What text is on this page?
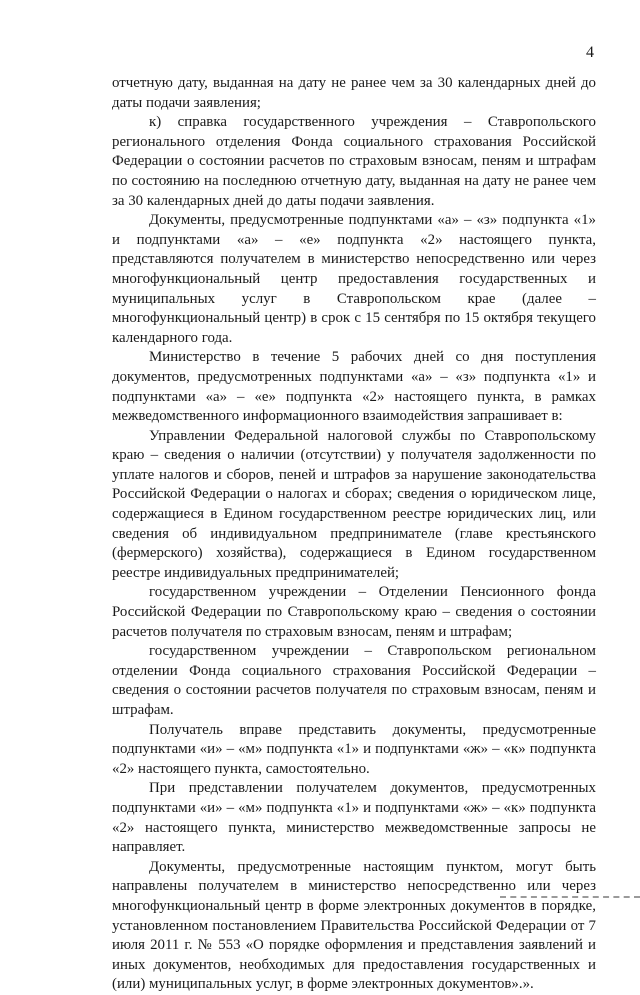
4

отчетную дату, выданная на дату не ранее чем за 30 календарных дней до даты подачи заявления;

к) справка государственного учреждения – Ставропольского регионального отделения Фонда социального страхования Российской Федерации о состоянии расчетов по страховым взносам, пеням и штрафам по состоянию на последнюю отчетную дату, выданная на дату не ранее чем за 30 календарных дней до даты подачи заявления.

Документы, предусмотренные подпунктами «а» – «з» подпункта «1» и подпунктами «а» – «е» подпункта «2» настоящего пункта, представляются получателем в министерство непосредственно или через многофункциональный центр предоставления государственных и муниципальных услуг в Ставропольском крае (далее – многофункциональный центр) в срок с 15 сентября по 15 октября текущего календарного года.

Министерство в течение 5 рабочих дней со дня поступления документов, предусмотренных подпунктами «а» – «з» подпункта «1» и подпунктами «а» – «е» подпункта «2» настоящего пункта, в рамках межведомственного информационного взаимодействия запрашивает в:

Управлении Федеральной налоговой службы по Ставропольскому краю – сведения о наличии (отсутствии) у получателя задолженности по уплате налогов и сборов, пеней и штрафов за нарушение законодательства Российской Федерации о налогах и сборах; сведения о юридическом лице, содержащиеся в Едином государственном реестре юридических лиц, или сведения об индивидуальном предпринимателе (главе крестьянского (фермерского) хозяйства), содержащиеся в Едином государственном реестре индивидуальных предпринимателей;

государственном учреждении – Отделении Пенсионного фонда Российской Федерации по Ставропольскому краю – сведения о состоянии расчетов получателя по страховым взносам, пеням и штрафам;

государственном учреждении – Ставропольском региональном отделении Фонда социального страхования Российской Федерации – сведения о состоянии расчетов получателя по страховым взносам, пеням и штрафам.

Получатель вправе представить документы, предусмотренные подпунктами «и» – «м» подпункта «1» и подпунктами «ж» – «к» подпункта «2» настоящего пункта, самостоятельно.

При представлении получателем документов, предусмотренных подпунктами «и» – «м» подпункта «1» и подпунктами «ж» – «к» подпункта «2» настоящего пункта, министерство межведомственные запросы не направляет.

Документы, предусмотренные настоящим пунктом, могут быть направлены получателем в министерство непосредственно или через многофункциональный центр в форме электронных документов в порядке, установленном постановлением Правительства Российской Федерации от 7 июля 2011 г. № 553 «О порядке оформления и представления заявлений и иных документов, необходимых для предоставления государственных и (или) муниципальных услуг, в форме электронных документов».».
